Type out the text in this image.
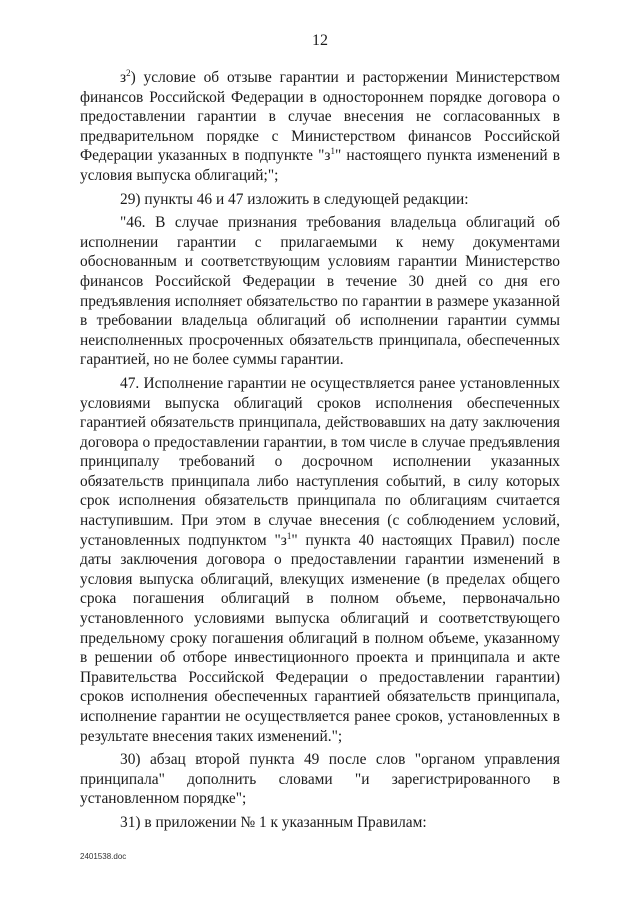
12

$з^2$) условие об отзыве гарантии и расторжении Министерством финансов Российской Федерации в одностороннем порядке договора о предоставлении гарантии в случае внесения не согласованных в предварительном порядке с Министерством финансов Российской Федерации указанных в подпункте "$з^1$" настоящего пункта изменений в условия выпуска облигаций;";

29) пункты 46 и 47 изложить в следующей редакции:

"46. В случае признания требования владельца облигаций об исполнении гарантии с прилагаемыми к нему документами обоснованным и соответствующим условиям гарантии Министерство финансов Российской Федерации в течение 30 дней со дня его предъявления исполняет обязательство по гарантии в размере указанной в требовании владельца облигаций об исполнении гарантии суммы неисполненных просроченных обязательств принципала, обеспеченных гарантией, но не более суммы гарантии.

47. Исполнение гарантии не осуществляется ранее установленных условиями выпуска облигаций сроков исполнения обеспеченных гарантией обязательств принципала, действовавших на дату заключения договора о предоставлении гарантии, в том числе в случае предъявления принципалу требований о досрочном исполнении указанных обязательств принципала либо наступления событий, в силу которых срок исполнения обязательств принципала по облигациям считается наступившим. При этом в случае внесения (с соблюдением условий, установленных подпунктом "$з^1$" пункта 40 настоящих Правил) после даты заключения договора о предоставлении гарантии изменений в условия выпуска облигаций, влекущих изменение (в пределах общего срока погашения облигаций в полном объеме, первоначально установленного условиями выпуска облигаций и соответствующего предельному сроку погашения облигаций в полном объеме, указанному в решении об отборе инвестиционного проекта и принципала и акте Правительства Российской Федерации о предоставлении гарантии) сроков исполнения обеспеченных гарантией обязательств принципала, исполнение гарантии не осуществляется ранее сроков, установленных в результате внесения таких изменений.";

30) абзац второй пункта 49 после слов "органом управления принципала" дополнить словами "и зарегистрированного в установленном порядке";

31) в приложении № 1 к указанным Правилам:

2401538.doc
